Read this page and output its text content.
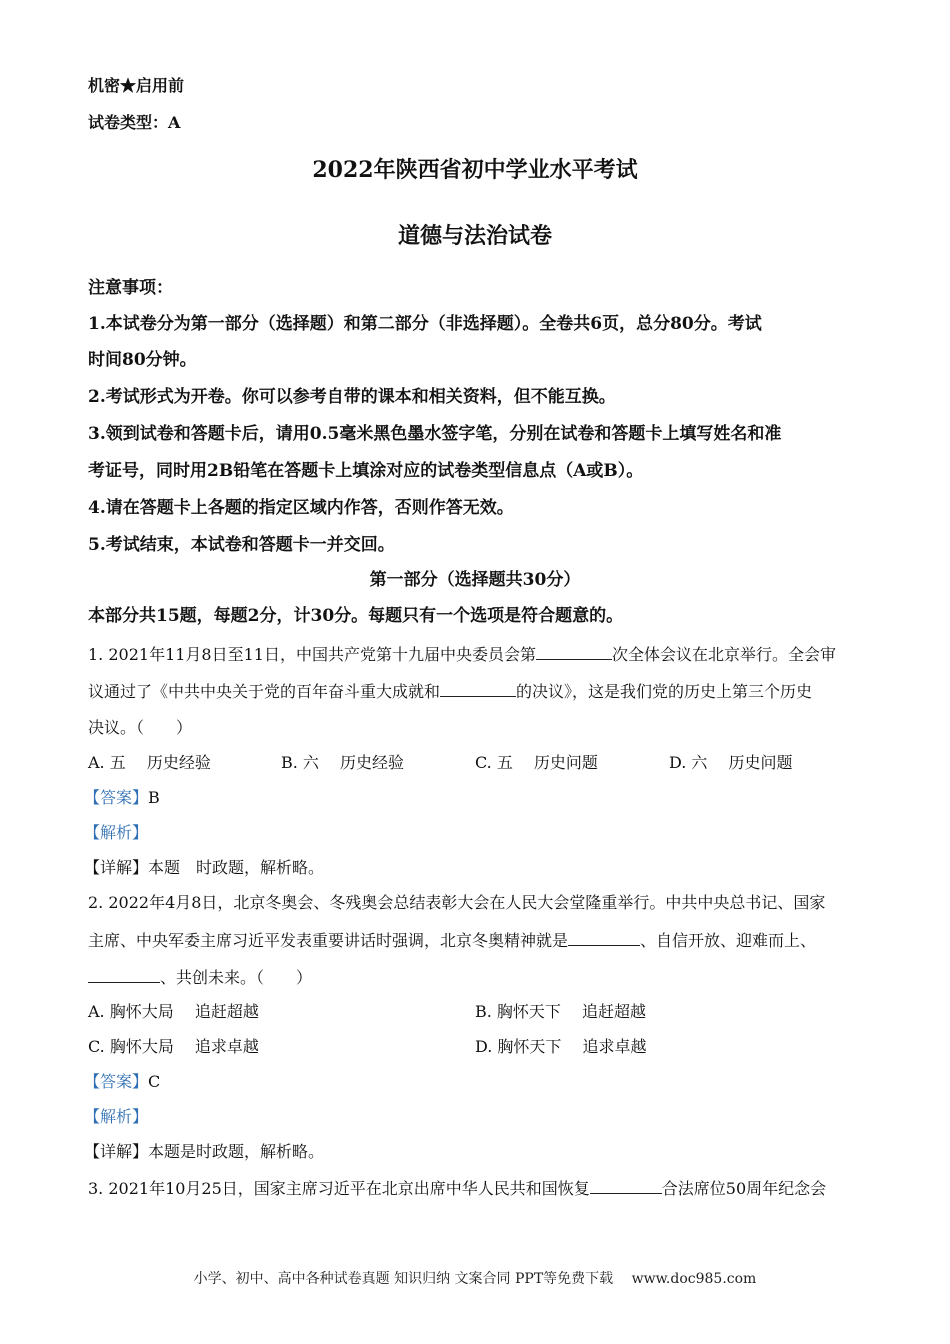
机密★启用前
试卷类型：A
2022年陕西省初中学业水平考试
道德与法治试卷
注意事项：
1.本试卷分为第一部分（选择题）和第二部分（非选择题）。全卷共6页，总分80分。考试
时间80分钟。
2.考试形式为开卷。你可以参考自带的课本和相关资料，但不能互换。
3.领到试卷和答题卡后，请用0.5毫米黑色墨水签字笔，分别在试卷和答题卡上填写姓名和准
考证号，同时用2B铅笔在答题卡上填涂对应的试卷类型信息点（A或B）。
4.请在答题卡上各题的指定区域内作答，否则作答无效。
5.考试结束，本试卷和答题卡一并交回。
第一部分（选择题共30分）
本部分共15题，每题2分，计30分。每题只有一个选项是符合题意的。
1. 2021年11月8日至11日，中国共产党第十九届中央委员会第	次全体会议在北京举行。全会审
议通过了《中共中央关于党的百年奋斗重大成就和	的决议》，这是我们党的历史上第三个历史
决议。（　　）
A. 五　 历史经验	B. 六　 历史经验	C. 五　 历史问题	D. 六　 历史问题
【答案】B
【解析】
【详解】本题　时政题，解析略。
2. 2022年4月8日，北京冬奥会、冬残奥会总结表彰大会在人民大会堂隆重举行。中共中央总书记、国家
主席、中央军委主席习近平发表重要讲话时强调，北京冬奥精神就是	、自信开放、迎难而上、
、共创未来。（　　）
A. 胸怀大局　 追赶超越	B. 胸怀天下　 追赶超越
C. 胸怀大局　 追求卓越	D. 胸怀天下　 追求卓越
【答案】C
【解析】
【详解】本题是时政题，解析略。
3. 2021年10月25日，国家主席习近平在北京出席中华人民共和国恢复	合法席位50周年纪念会
小学、初中、高中各种试卷真题 知识归纳 文案合同 PPT等免费下载　 www.doc985.com
